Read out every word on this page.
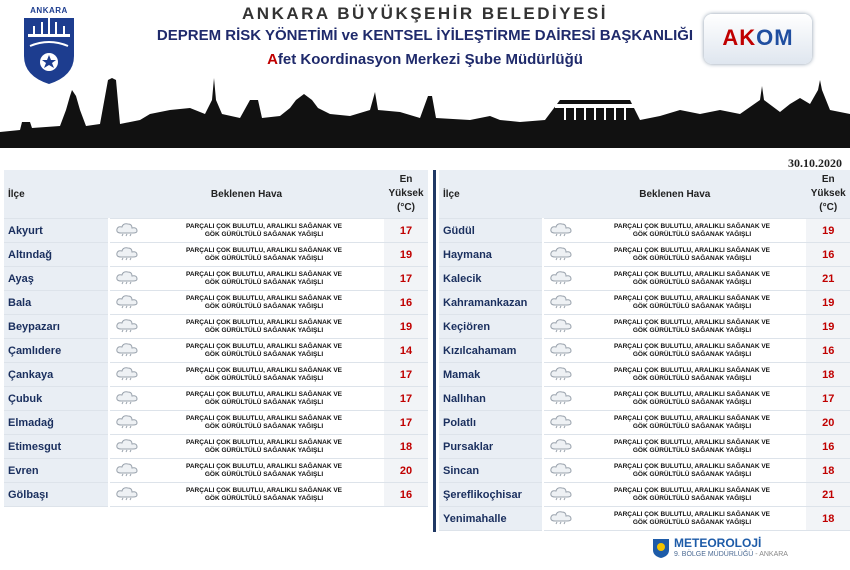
ANKARA	ANKARA BÜYÜKŞEHİR BELEDİYESİ
DEPREM RİSK YÖNETİMİ ve KENTSEL İYİLEŞTİRME DAİRESİ BAŞKANLIĞI
Afet Koordinasyon Merkezi Şube Müdürlüğü
AKOM
30.10.2020
İlçe	Beklenen Hava		En
Yüksek
(°C)
Akyurt		PARÇALI ÇOK BULUTLU, ARALIKLI SAĞANAK VE
GÖK GÜRÜLTÜLÜ SAĞANAK YAĞIŞLI	17
Altındağ		PARÇALI ÇOK BULUTLU, ARALIKLI SAĞANAK VE
GÖK GÜRÜLTÜLÜ SAĞANAK YAĞIŞLI	19
Ayaş		PARÇALI ÇOK BULUTLU, ARALIKLI SAĞANAK VE
GÖK GÜRÜLTÜLÜ SAĞANAK YAĞIŞLI	17
Bala		PARÇALI ÇOK BULUTLU, ARALIKLI SAĞANAK VE
GÖK GÜRÜLTÜLÜ SAĞANAK YAĞIŞLI	16
Beypazarı		PARÇALI ÇOK BULUTLU, ARALIKLI SAĞANAK VE
GÖK GÜRÜLTÜLÜ SAĞANAK YAĞIŞLI	19
Çamlıdere		PARÇALI ÇOK BULUTLU, ARALIKLI SAĞANAK VE
GÖK GÜRÜLTÜLÜ SAĞANAK YAĞIŞLI	14
Çankaya		PARÇALI ÇOK BULUTLU, ARALIKLI SAĞANAK VE
GÖK GÜRÜLTÜLÜ SAĞANAK YAĞIŞLI	17
Çubuk		PARÇALI ÇOK BULUTLU, ARALIKLI SAĞANAK VE
GÖK GÜRÜLTÜLÜ SAĞANAK YAĞIŞLI	17
Elmadağ		PARÇALI ÇOK BULUTLU, ARALIKLI SAĞANAK VE
GÖK GÜRÜLTÜLÜ SAĞANAK YAĞIŞLI	17
Etimesgut		PARÇALI ÇOK BULUTLU, ARALIKLI SAĞANAK VE
GÖK GÜRÜLTÜLÜ SAĞANAK YAĞIŞLI	18
Evren		PARÇALI ÇOK BULUTLU, ARALIKLI SAĞANAK VE
GÖK GÜRÜLTÜLÜ SAĞANAK YAĞIŞLI	20
Gölbaşı		PARÇALI ÇOK BULUTLU, ARALIKLI SAĞANAK VE
GÖK GÜRÜLTÜLÜ SAĞANAK YAĞIŞLI	16
İlçe	Beklenen Hava		En
Yüksek
(°C)
Güdül		PARÇALI ÇOK BULUTLU, ARALIKLI SAĞANAK VE
GÖK GÜRÜLTÜLÜ SAĞANAK YAĞIŞLI	19
Haymana		PARÇALI ÇOK BULUTLU, ARALIKLI SAĞANAK VE
GÖK GÜRÜLTÜLÜ SAĞANAK YAĞIŞLI	16
Kalecik		PARÇALI ÇOK BULUTLU, ARALIKLI SAĞANAK VE
GÖK GÜRÜLTÜLÜ SAĞANAK YAĞIŞLI	21
Kahramankazan		PARÇALI ÇOK BULUTLU, ARALIKLI SAĞANAK VE
GÖK GÜRÜLTÜLÜ SAĞANAK YAĞIŞLI	19
Keçiören		PARÇALI ÇOK BULUTLU, ARALIKLI SAĞANAK VE
GÖK GÜRÜLTÜLÜ SAĞANAK YAĞIŞLI	19
Kızılcahamam		PARÇALI ÇOK BULUTLU, ARALIKLI SAĞANAK VE
GÖK GÜRÜLTÜLÜ SAĞANAK YAĞIŞLI	16
Mamak		PARÇALI ÇOK BULUTLU, ARALIKLI SAĞANAK VE
GÖK GÜRÜLTÜLÜ SAĞANAK YAĞIŞLI	18
Nallıhan		PARÇALI ÇOK BULUTLU, ARALIKLI SAĞANAK VE
GÖK GÜRÜLTÜLÜ SAĞANAK YAĞIŞLI	17
Polatlı		PARÇALI ÇOK BULUTLU, ARALIKLI SAĞANAK VE
GÖK GÜRÜLTÜLÜ SAĞANAK YAĞIŞLI	20
Pursaklar		PARÇALI ÇOK BULUTLU, ARALIKLI SAĞANAK VE
GÖK GÜRÜLTÜLÜ SAĞANAK YAĞIŞLI	16
Sincan		PARÇALI ÇOK BULUTLU, ARALIKLI SAĞANAK VE
GÖK GÜRÜLTÜLÜ SAĞANAK YAĞIŞLI	18
Şereflikoçhisar		PARÇALI ÇOK BULUTLU, ARALIKLI SAĞANAK VE
GÖK GÜRÜLTÜLÜ SAĞANAK YAĞIŞLI	21
Yenimahalle		PARÇALI ÇOK BULUTLU, ARALIKLI SAĞANAK VE
GÖK GÜRÜLTÜLÜ SAĞANAK YAĞIŞLI	18
METEOROLOJİ
9. BÖLGE MÜDÜRLÜĞÜ - ANKARA
